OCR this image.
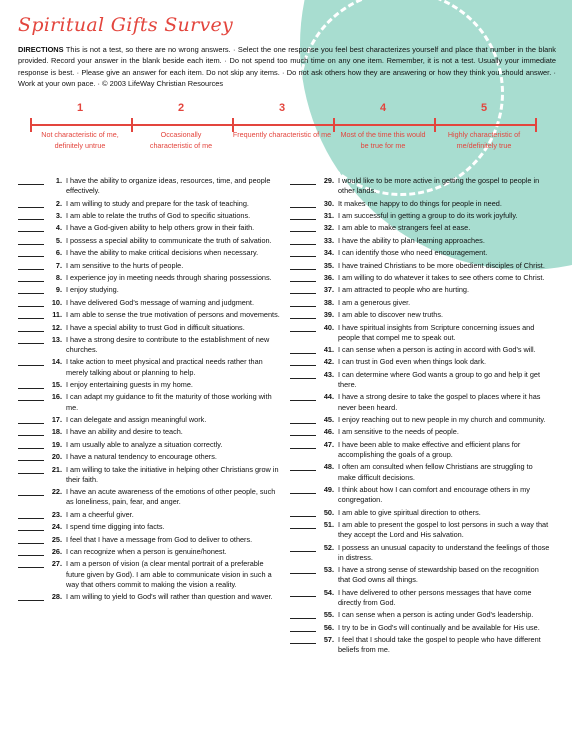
Spiritual Gifts Survey
DIRECTIONS This is not a test, so there are no wrong answers. · Select the one response you feel best characterizes yourself and place that number in the blank provided. Record your answer in the blank beside each item. · Do not spend too much time on any one item. Remember, it is not a test. Usually your immediate response is best. · Please give an answer for each item. Do not skip any items. · Do not ask others how they are answering or how they think you should answer. · Work at your own pace. · © 2003 LifeWay Christian Resources
1	2	3	4	5
Not characteristic of me, definitely untrue
Occasionally characteristic of me
Frequently characteristic of me	Most of the time this would be true for me
Highly characteristic of me/definitely true
1. I have the ability to organize ideas, resources, time, and people effectively.
2. I am willing to study and prepare for the task of teaching.
3. I am able to relate the truths of God to specific situations.
4. I have a God-given ability to help others grow in their faith.
5. I possess a special ability to communicate the truth of salvation.
6. I have the ability to make critical decisions when necessary.
7. I am sensitive to the hurts of people.
8. I experience joy in meeting needs through sharing possessions.
9. I enjoy studying.
10. I have delivered God's message of warning and judgment.
11. I am able to sense the true motivation of persons and movements.
12. I have a special ability to trust God in difficult situations.
13. I have a strong desire to contribute to the establishment of new churches.
14. I take action to meet physical and practical needs rather than merely talking about or planning to help.
15. I enjoy entertaining guests in my home.
16. I can adapt my guidance to fit the maturity of those working with me.
17. I can delegate and assign meaningful work.
18. I have an ability and desire to teach.
19. I am usually able to analyze a situation correctly.
20. I have a natural tendency to encourage others.
21. I am willing to take the initiative in helping other Christians grow in their faith.
22. I have an acute awareness of the emotions of other people, such as loneliness, pain, fear, and anger.
23. I am a cheerful giver.
24. I spend time digging into facts.
25. I feel that I have a message from God to deliver to others.
26. I can recognize when a person is genuine/honest.
27. I am a person of vision (a clear mental portrait of a preferable future given by God). I am able to communicate vision in such a way that others commit to making the vision a reality.
28. I am willing to yield to God's will rather than question and waver.
29. I would like to be more active in getting the gospel to people in other lands.
30. It makes me happy to do things for people in need.
31. I am successful in getting a group to do its work joyfully.
32. I am able to make strangers feel at ease.
33. I have the ability to plan learning approaches.
34. I can identify those who need encouragement.
35. I have trained Christians to be more obedient disciples of Christ.
36. I am willing to do whatever it takes to see others come to Christ.
37. I am attracted to people who are hurting.
38. I am a generous giver.
39. I am able to discover new truths.
40. I have spiritual insights from Scripture concerning issues and people that compel me to speak out.
41. I can sense when a person is acting in accord with God's will.
42. I can trust in God even when things look dark.
43. I can determine where God wants a group to go and help it get there.
44. I have a strong desire to take the gospel to places where it has never been heard.
45. I enjoy reaching out to new people in my church and community.
46. I am sensitive to the needs of people.
47. I have been able to make effective and efficient plans for accomplishing the goals of a group.
48. I often am consulted when fellow Christians are struggling to make difficult decisions.
49. I think about how I can comfort and encourage others in my congregation.
50. I am able to give spiritual direction to others.
51. I am able to present the gospel to lost persons in such a way that they accept the Lord and His salvation.
52. I possess an unusual capacity to understand the feelings of those in distress.
53. I have a strong sense of stewardship based on the recognition that God owns all things.
54. I have delivered to other persons messages that have come directly from God.
55. I can sense when a person is acting under God's leadership.
56. I try to be in God's will continually and be available for His use.
57. I feel that I should take the gospel to people who have different beliefs from me.
